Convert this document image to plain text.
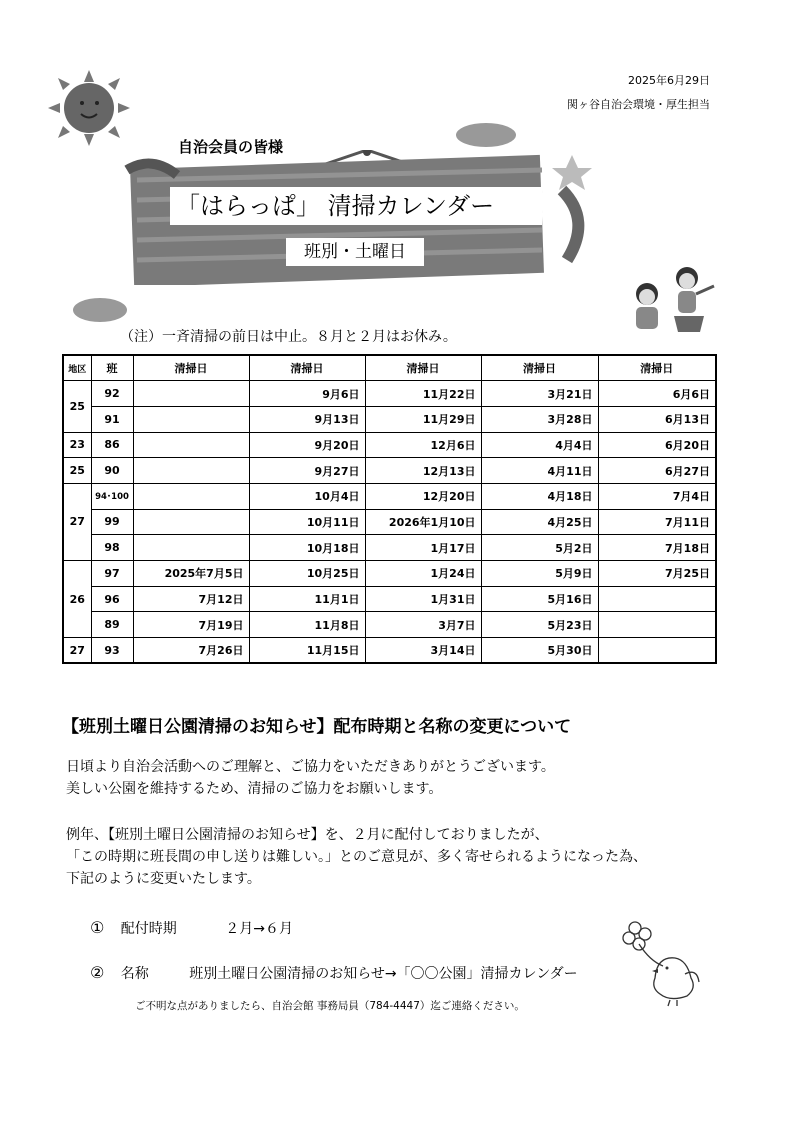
2025年6月29日
関ヶ谷自治会環境・厚生担当
自治会員の皆様
「はらっぱ」 清掃カレンダー
班別・土曜日
（注）一斉清掃の前日は中止。８月と２月はお休み。
地区	班	清掃日	清掃日	清掃日	清掃日	清掃日
25	92		9月6日	11月22日	3月21日	6月6日
	91		9月13日	11月29日	3月28日	6月13日
23	86		9月20日	12月6日	4月4日	6月20日
25	90		9月27日	12月13日	4月11日	6月27日
27	94･100		10月4日	12月20日	4月18日	7月4日
	99		10月11日	2026年1月10日	4月25日	7月11日
	98		10月18日	1月17日	5月2日	7月18日
26	97	2025年7月5日	10月25日	1月24日	5月9日	7月25日
	96	7月12日	11月1日	1月31日	5月16日	
	89	7月19日	11月8日	3月7日	5月23日	
27	93	7月26日	11月15日	3月14日	5月30日	
【班別土曜日公園清掃のお知らせ】配布時期と名称の変更について
日頃より自治会活動へのご理解と、ご協力をいただきありがとうございます。
美しい公園を維持するため、清掃のご協力をお願いします。
例年、【班別土曜日公園清掃のお知らせ】を、２月に配付しておりましたが、
「この時期に班長間の申し送りは難しい。」とのご意見が、多く寄せられるようになった為、
下記のように変更いたします。
① 配付時期	２月→６月
② 名称	班別土曜日公園清掃のお知らせ→「〇〇公園」清掃カレンダー
ご不明な点がありましたら、自治会館 事務局員（784-4447）迄ご連絡ください。
